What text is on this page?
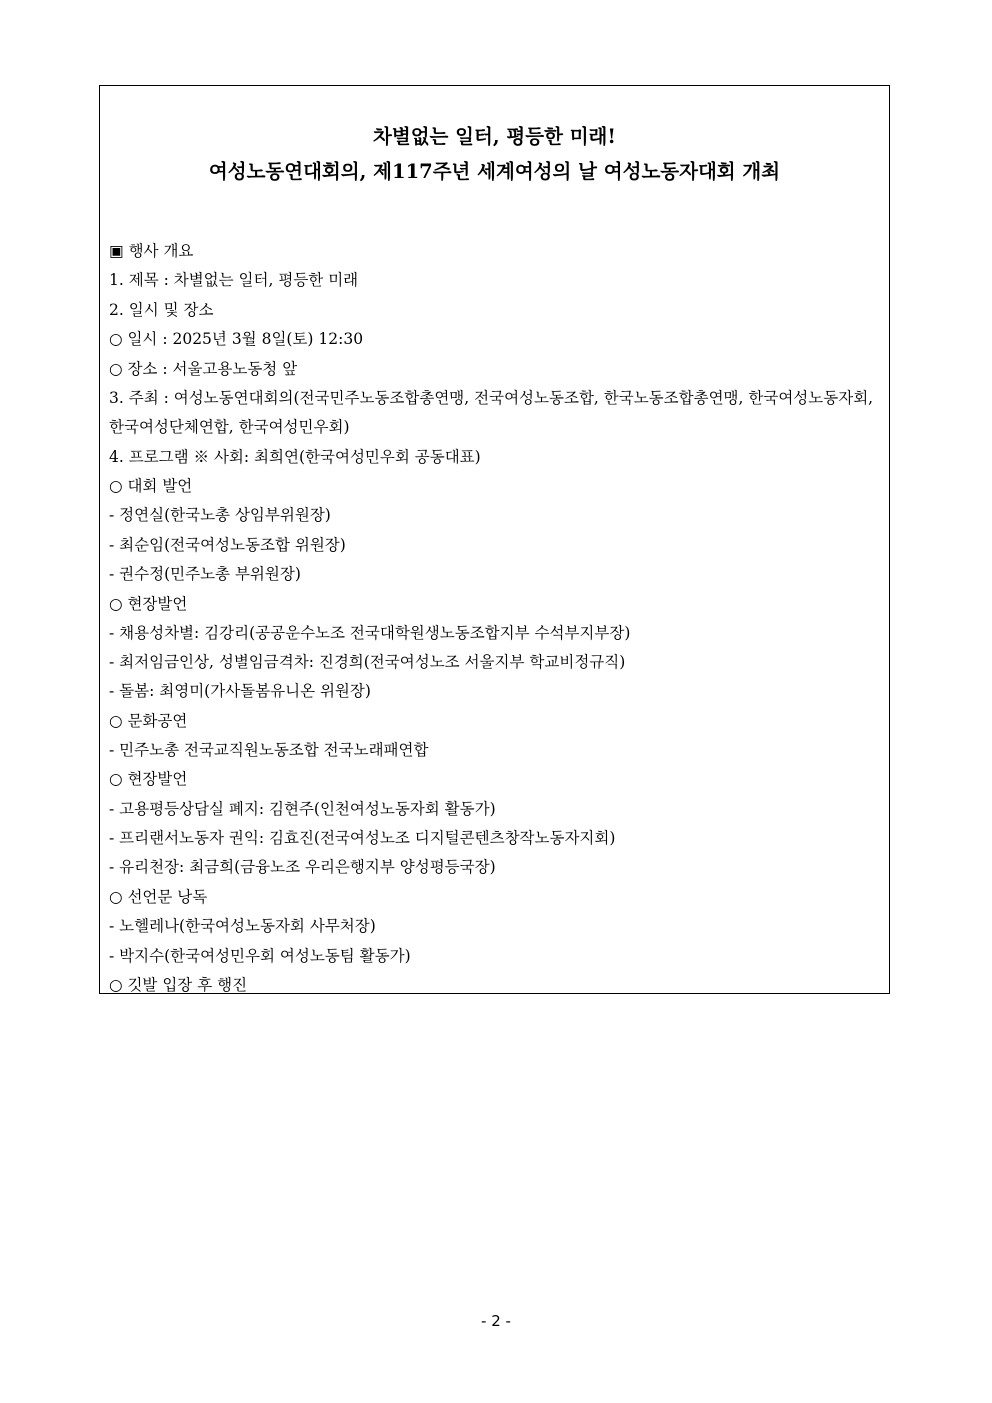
차별없는 일터, 평등한 미래!
여성노동연대회의, 제117주년 세계여성의 날 여성노동자대회 개최
▣ 행사 개요
1. 제목 : 차별없는 일터, 평등한 미래
2. 일시 및 장소
○ 일시 : 2025년 3월 8일(토) 12:30
○ 장소 : 서울고용노동청 앞
3. 주최 : 여성노동연대회의(전국민주노동조합총연맹, 전국여성노동조합, 한국노동조합총연맹, 한국여성노동자회, 한국여성단체연합, 한국여성민우회)
4. 프로그램 ※ 사회: 최희연(한국여성민우회 공동대표)
○ 대회 발언
- 정연실(한국노총 상임부위원장)
- 최순임(전국여성노동조합 위원장)
- 권수정(민주노총 부위원장)
○ 현장발언
- 채용성차별: 김강리(공공운수노조 전국대학원생노동조합지부 수석부지부장)
- 최저임금인상, 성별임금격차: 진경희(전국여성노조 서울지부 학교비정규직)
- 돌봄: 최영미(가사돌봄유니온 위원장)
○ 문화공연
- 민주노총 전국교직원노동조합 전국노래패연합
○ 현장발언
- 고용평등상담실 폐지: 김현주(인천여성노동자회 활동가)
- 프리랜서노동자 권익: 김효진(전국여성노조 디지털콘텐츠창작노동자지회)
- 유리천장: 최금희(금융노조 우리은행지부 양성평등국장)
○ 선언문 낭독
- 노헬레나(한국여성노동자회 사무처장)
- 박지수(한국여성민우회 여성노동팀 활동가)
○ 깃발 입장 후 행진
- 2 -
